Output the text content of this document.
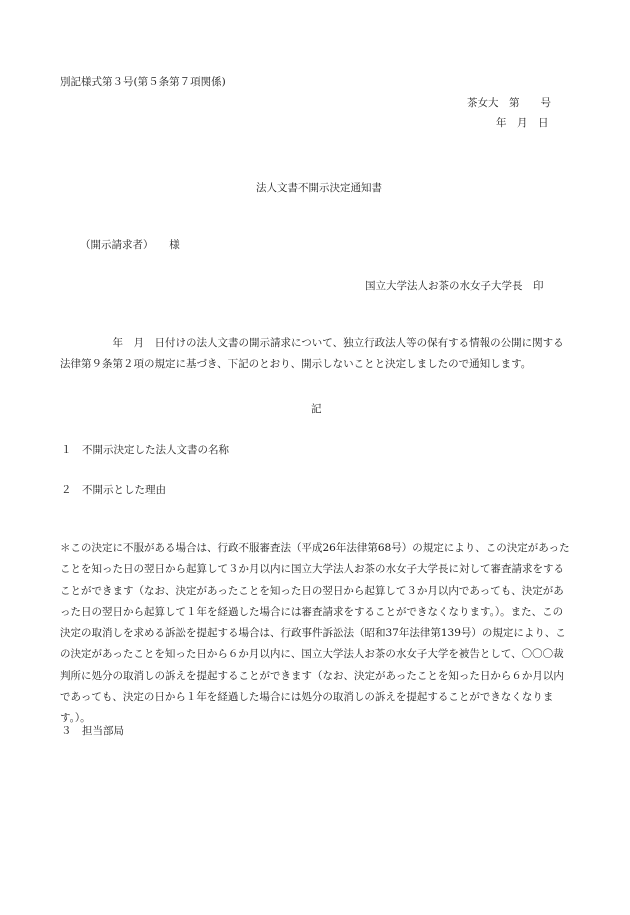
別記様式第３号(第５条第７項関係)
茶女大　第　　号
年　月　日
法人文書不開示決定通知書
（開示請求者）　　様
国立大学法人お茶の水女子大学長　印
　　　　　年　月　日付けの法人文書の開示請求について、独立行政法人等の保有する情報の公開に関する法律第９条第２項の規定に基づき、下記のとおり、開示しないことと決定しましたので通知します。
記
１　不開示決定した法人文書の名称
２　不開示とした理由
＊この決定に不服がある場合は、行政不服審査法（平成26年法律第68号）の規定により、この決定があったことを知った日の翌日から起算して３か月以内に国立大学法人お茶の水女子大学長に対して審査請求をすることができます（なお、決定があったことを知った日の翌日から起算して３か月以内であっても、決定があった日の翌日から起算して１年を経過した場合には審査請求をすることができなくなります。）。また、この決定の取消しを求める訴訟を提起する場合は、行政事件訴訟法（昭和37年法律第139号）の規定により、この決定があったことを知った日から６か月以内に、国立大学法人お茶の水女子大学を被告として、〇〇〇裁判所に処分の取消しの訴えを提起することができます（なお、決定があったことを知った日から６か月以内であっても、決定の日から１年を経過した場合には処分の取消しの訴えを提起することができなくなります。）。
３　担当部局
